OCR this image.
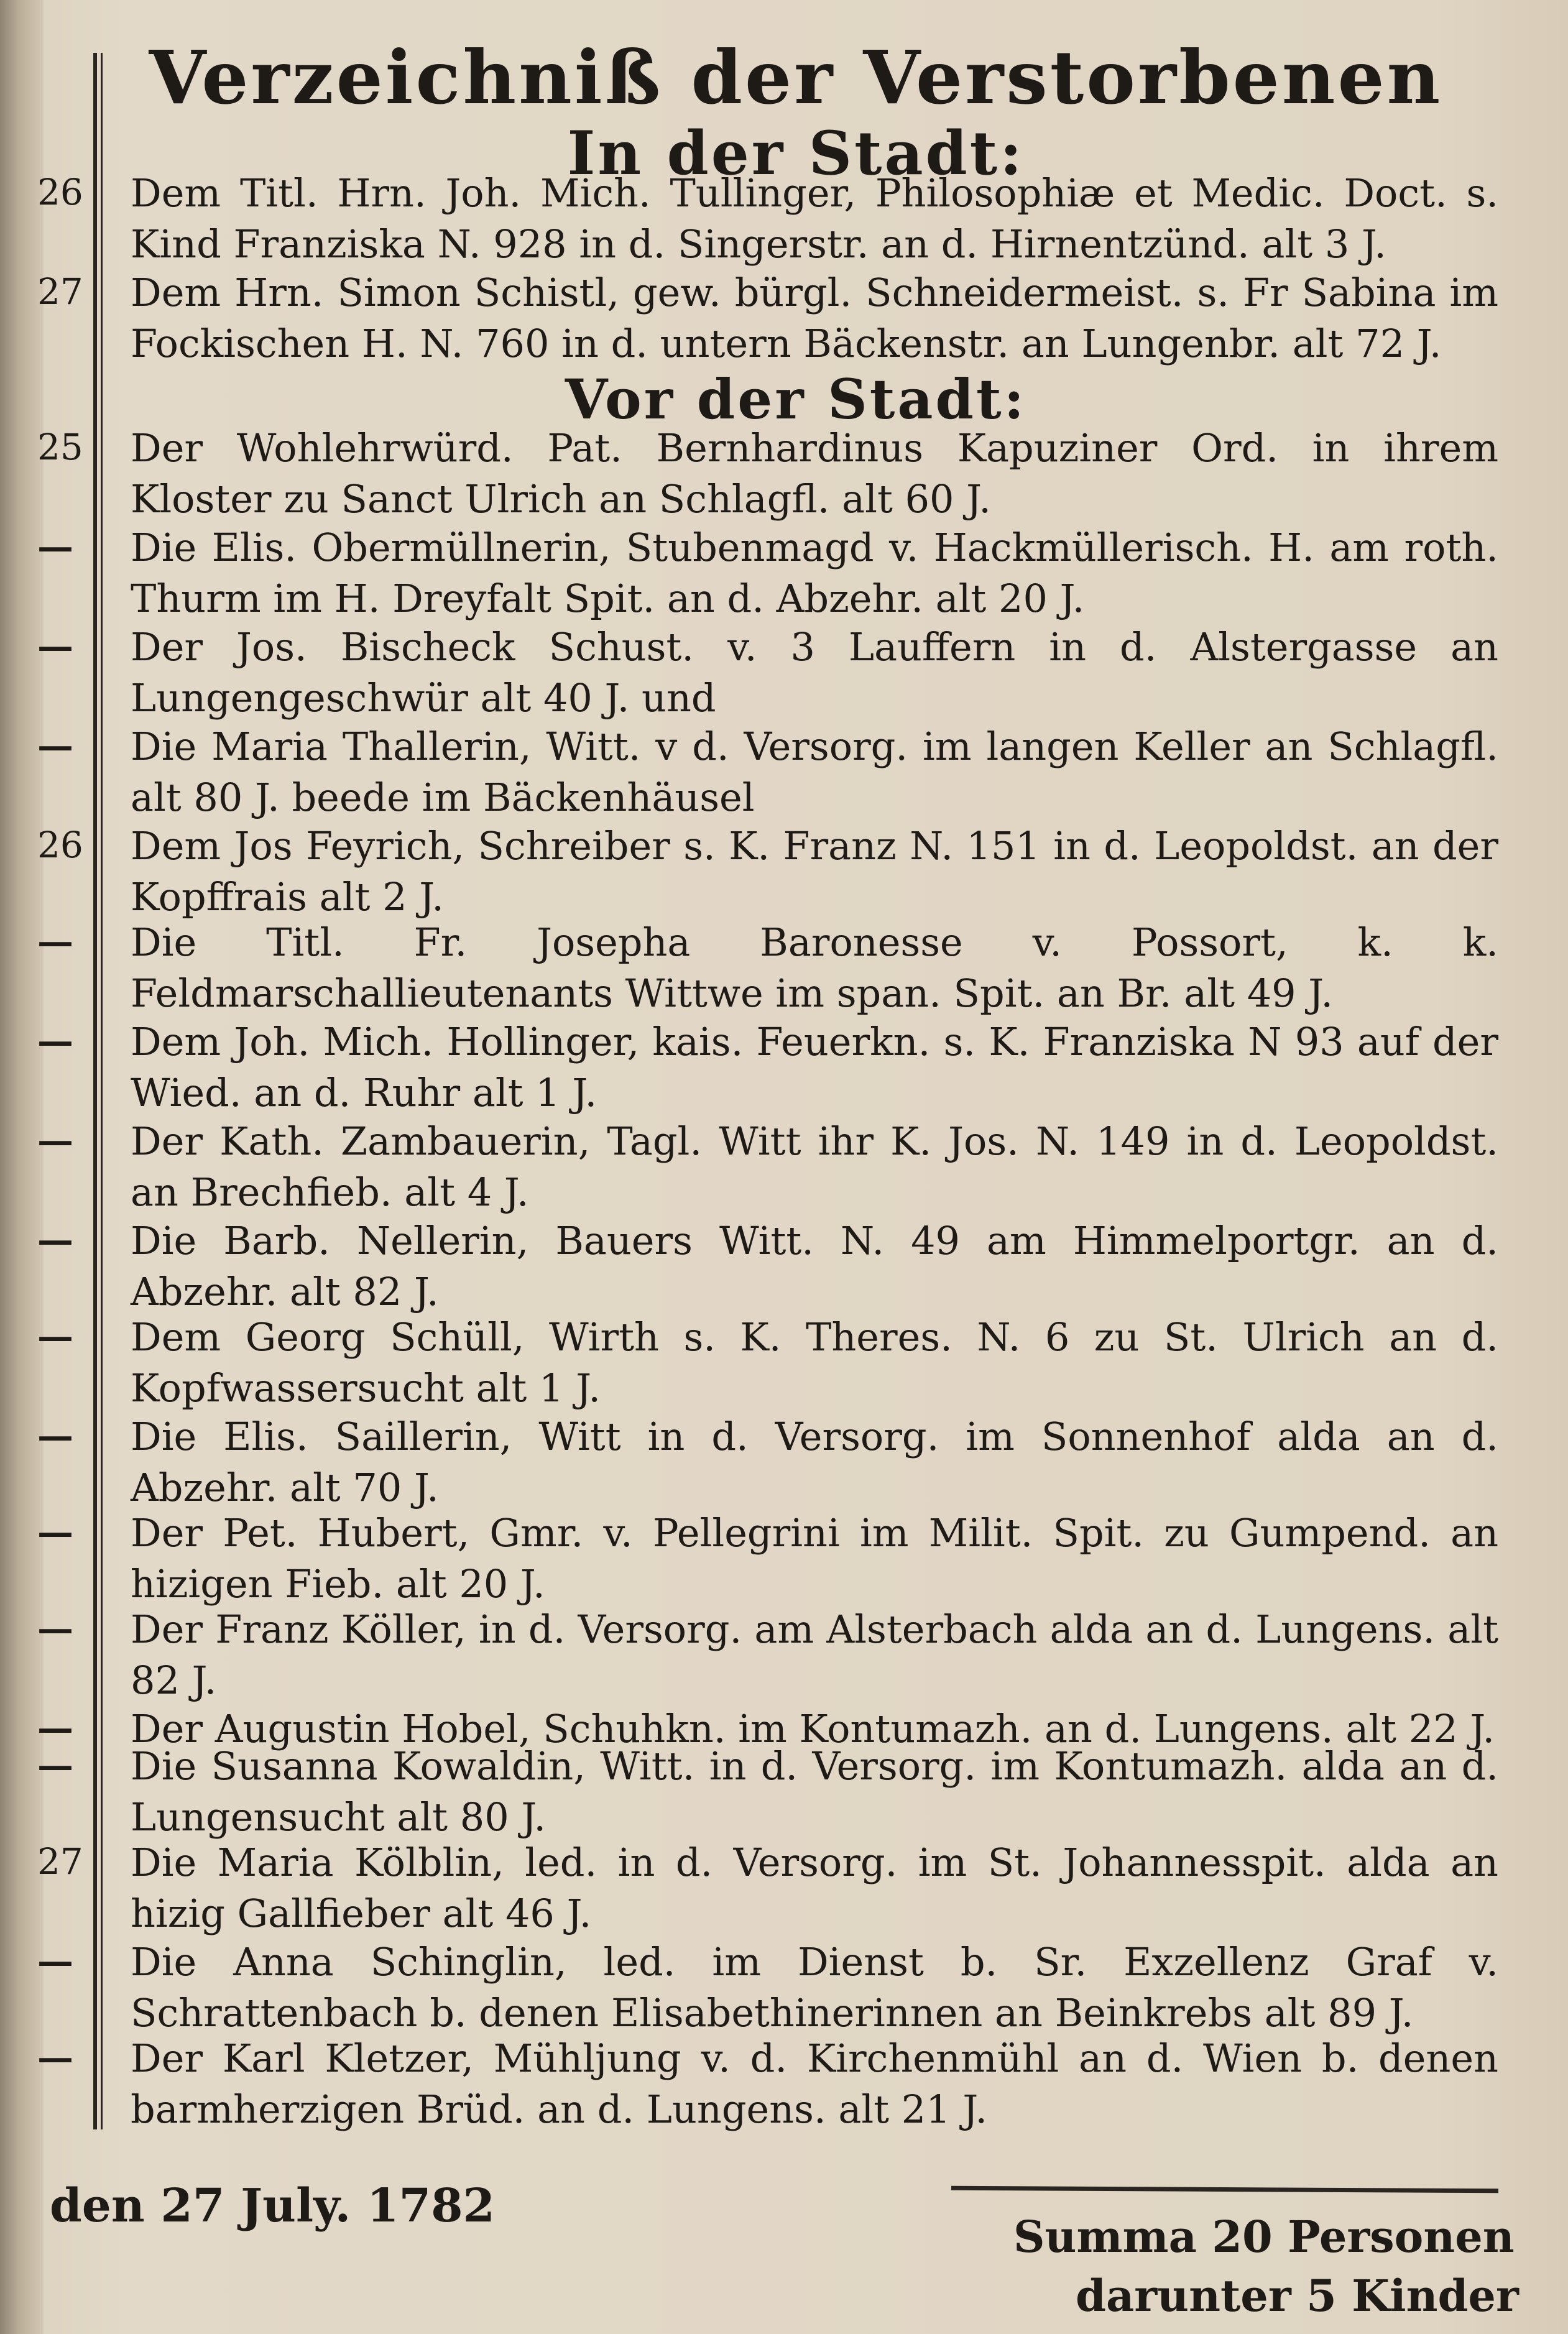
Verzeichniß der Verstorbenen
In der Stadt:
Vor der Stadt:
26 Dem Titl. Hrn. Joh. Mich. Tullinger, Philosophiæ et Medic. Doct. s. Kind Franziska N. 928 in d. Singerstr. an d. Hirnentzünd. alt 3 J.
27 Dem Hrn. Simon Schistl, gew. bürgl. Schneidermeist. s. Fr Sabina im Fockischen H. N. 760 in d. untern Bäckenstr. an Lungenbr. alt 72 J.
25 Der Wohlehrwürd. Pat. Bernhardinus Kapuziner Ord. in ihrem Kloster zu Sanct Ulrich an Schlagfl. alt 60 J.
—	Die Elis. Obermüllnerin, Stubenmagd v. Hackmüllerisch. H. am roth. Thurm im H. Dreyfalt Spit. an d. Abzehr. alt 20 J.
—	Der Jos. Bischeck Schust. v. 3 Lauffern in d. Alstergasse an Lungengeschwür alt 40 J. und
—	Die Maria Thallerin, Witt. v d. Versorg. im langen Keller an Schlagfl. alt 80 J. beede im Bäckenhäusel
26 Dem Jos Feyrich, Schreiber s. K. Franz N. 151 in d. Leopoldst. an der Kopffrais alt 2 J.
—	Die Titl. Fr. Josepha Baronesse v. Possort, k. k. Feldmarschallieutenants Wittwe im span. Spit. an Br. alt 49 J.
—	Dem Joh. Mich. Hollinger, kais. Feuerkn. s. K. Franziska N 93 auf der Wied. an d. Ruhr alt 1 J.
—	Der Kath. Zambauerin, Tagl. Witt ihr K. Jos. N. 149 in d. Leopoldst. an Brechfieb. alt 4 J.
—	Die Barb. Nellerin, Bauers Witt. N. 49 am Himmelportgr. an d. Abzehr. alt 82 J.
—	Dem Georg Schüll, Wirth s. K. Theres. N. 6 zu St. Ulrich an d. Kopfwassersucht alt 1 J.
—	Die Elis. Saillerin, Witt in d. Versorg. im Sonnenhof alda an d. Abzehr. alt 70 J.
—	Der Pet. Hubert, Gmr. v. Pellegrini im Milit. Spit. zu Gumpend. an hizigen Fieb. alt 20 J.
—	Der Franz Köller, in d. Versorg. am Alsterbach alda an d. Lungens. alt 82 J.
—	Der Augustin Hobel, Schuhkn. im Kontumazh. an d. Lungens. alt 22 J.
—	Die Susanna Kowaldin, Witt. in d. Versorg. im Kontumazh. alda an d. Lungensucht alt 80 J.
27 Die Maria Kölblin, led. in d. Versorg. im St. Johannesspit. alda an hizig Gallfieber alt 46 J.
—	Die Anna Schinglin, led. im Dienst b. Sr. Exzellenz Graf v. Schrattenbach b. denen Elisabethinerinnen an Beinkrebs alt 89 J.
—	Der Karl Kletzer, Mühljung v. d. Kirchenmühl an d. Wien b. denen barmherzigen Brüd. an d. Lungens. alt 21 J.
den 27 July. 1782
Summa 20 Personen
darunter 5 Kinder
